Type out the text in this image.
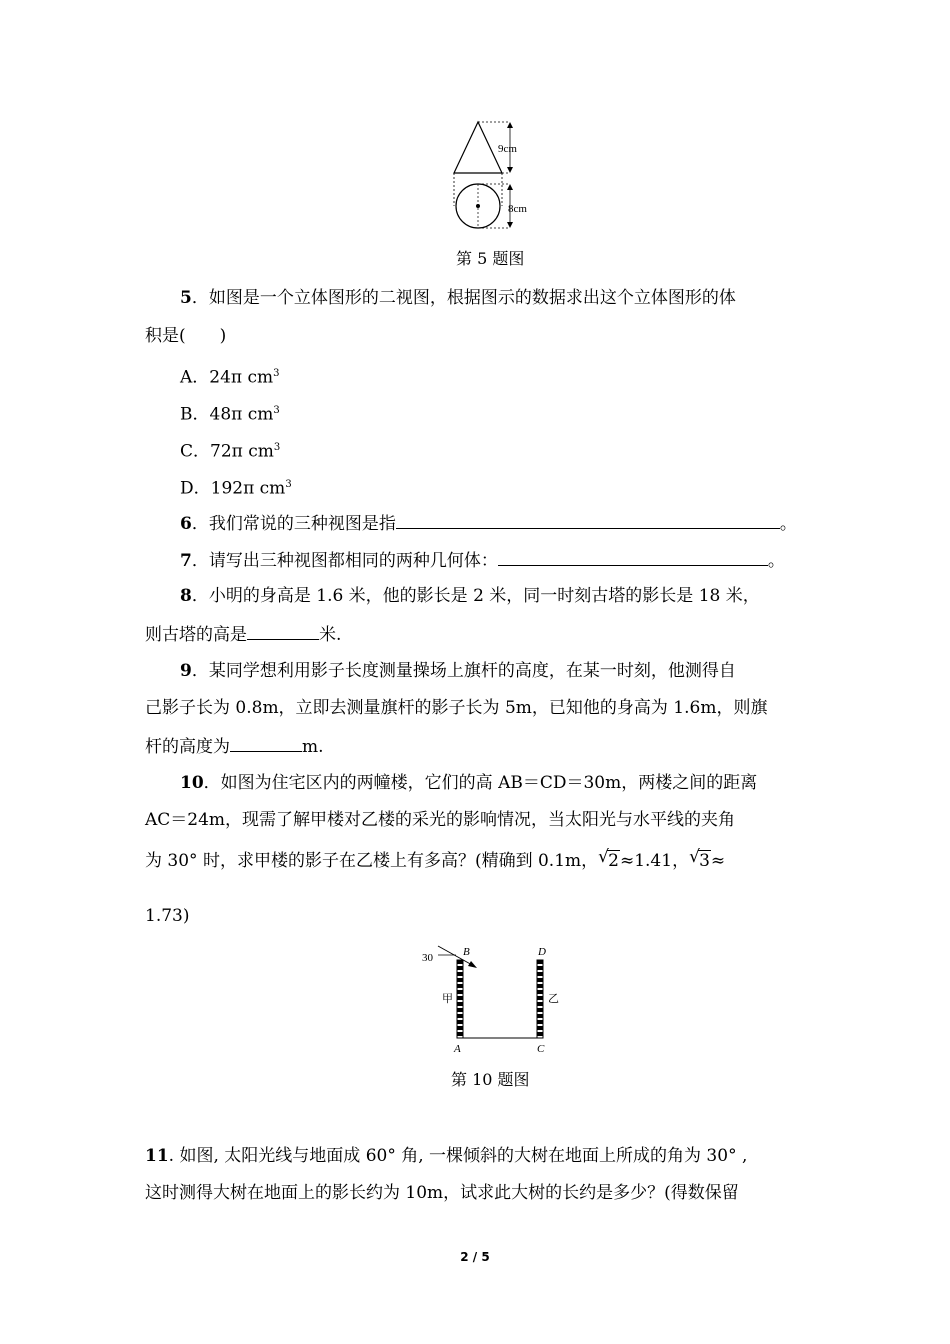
9cm
8cm
第 5 题图
5．如图是一个立体图形的二视图，根据图示的数据求出这个立体图形的体
积是(　　)
A．24π $cm^3$
B．48π $cm^3$
C．72π $cm^3$
D．192π $cm^3$
6．我们常说的三种视图是指	。
7．请写出三种视图都相同的两种几何体：	。
8．小明的身高是 1.6 米，他的影长是 2 米，同一时刻古塔的影长是 18 米，
则古塔的高是	米.
9．某同学想利用影子长度测量操场上旗杆的高度，在某一时刻，他测得自
己影子长为 0.8m，立即去测量旗杆的影子长为 5m，已知他的身高为 1.6m，则旗
杆的高度为	m.
10．如图为住宅区内的两幢楼，它们的高 AB＝CD＝30m，两楼之间的距离
AC＝24m，现需了解甲楼对乙楼的采光的影响情况，当太阳光与水平线的夹角
为 30° 时，求甲楼的影子在乙楼上有多高？(精确到 0.1m， √ 2≈1.41， √ 3≈
1.73)
30	B	D
甲	乙
A	C
第 10 题图
11. 如图, 太阳光线与地面成 60° 角, 一棵倾斜的大树在地面上所成的角为 30° ,
这时测得大树在地面上的影长约为 10m，试求此大树的长约是多少？(得数保留
2 / 5
